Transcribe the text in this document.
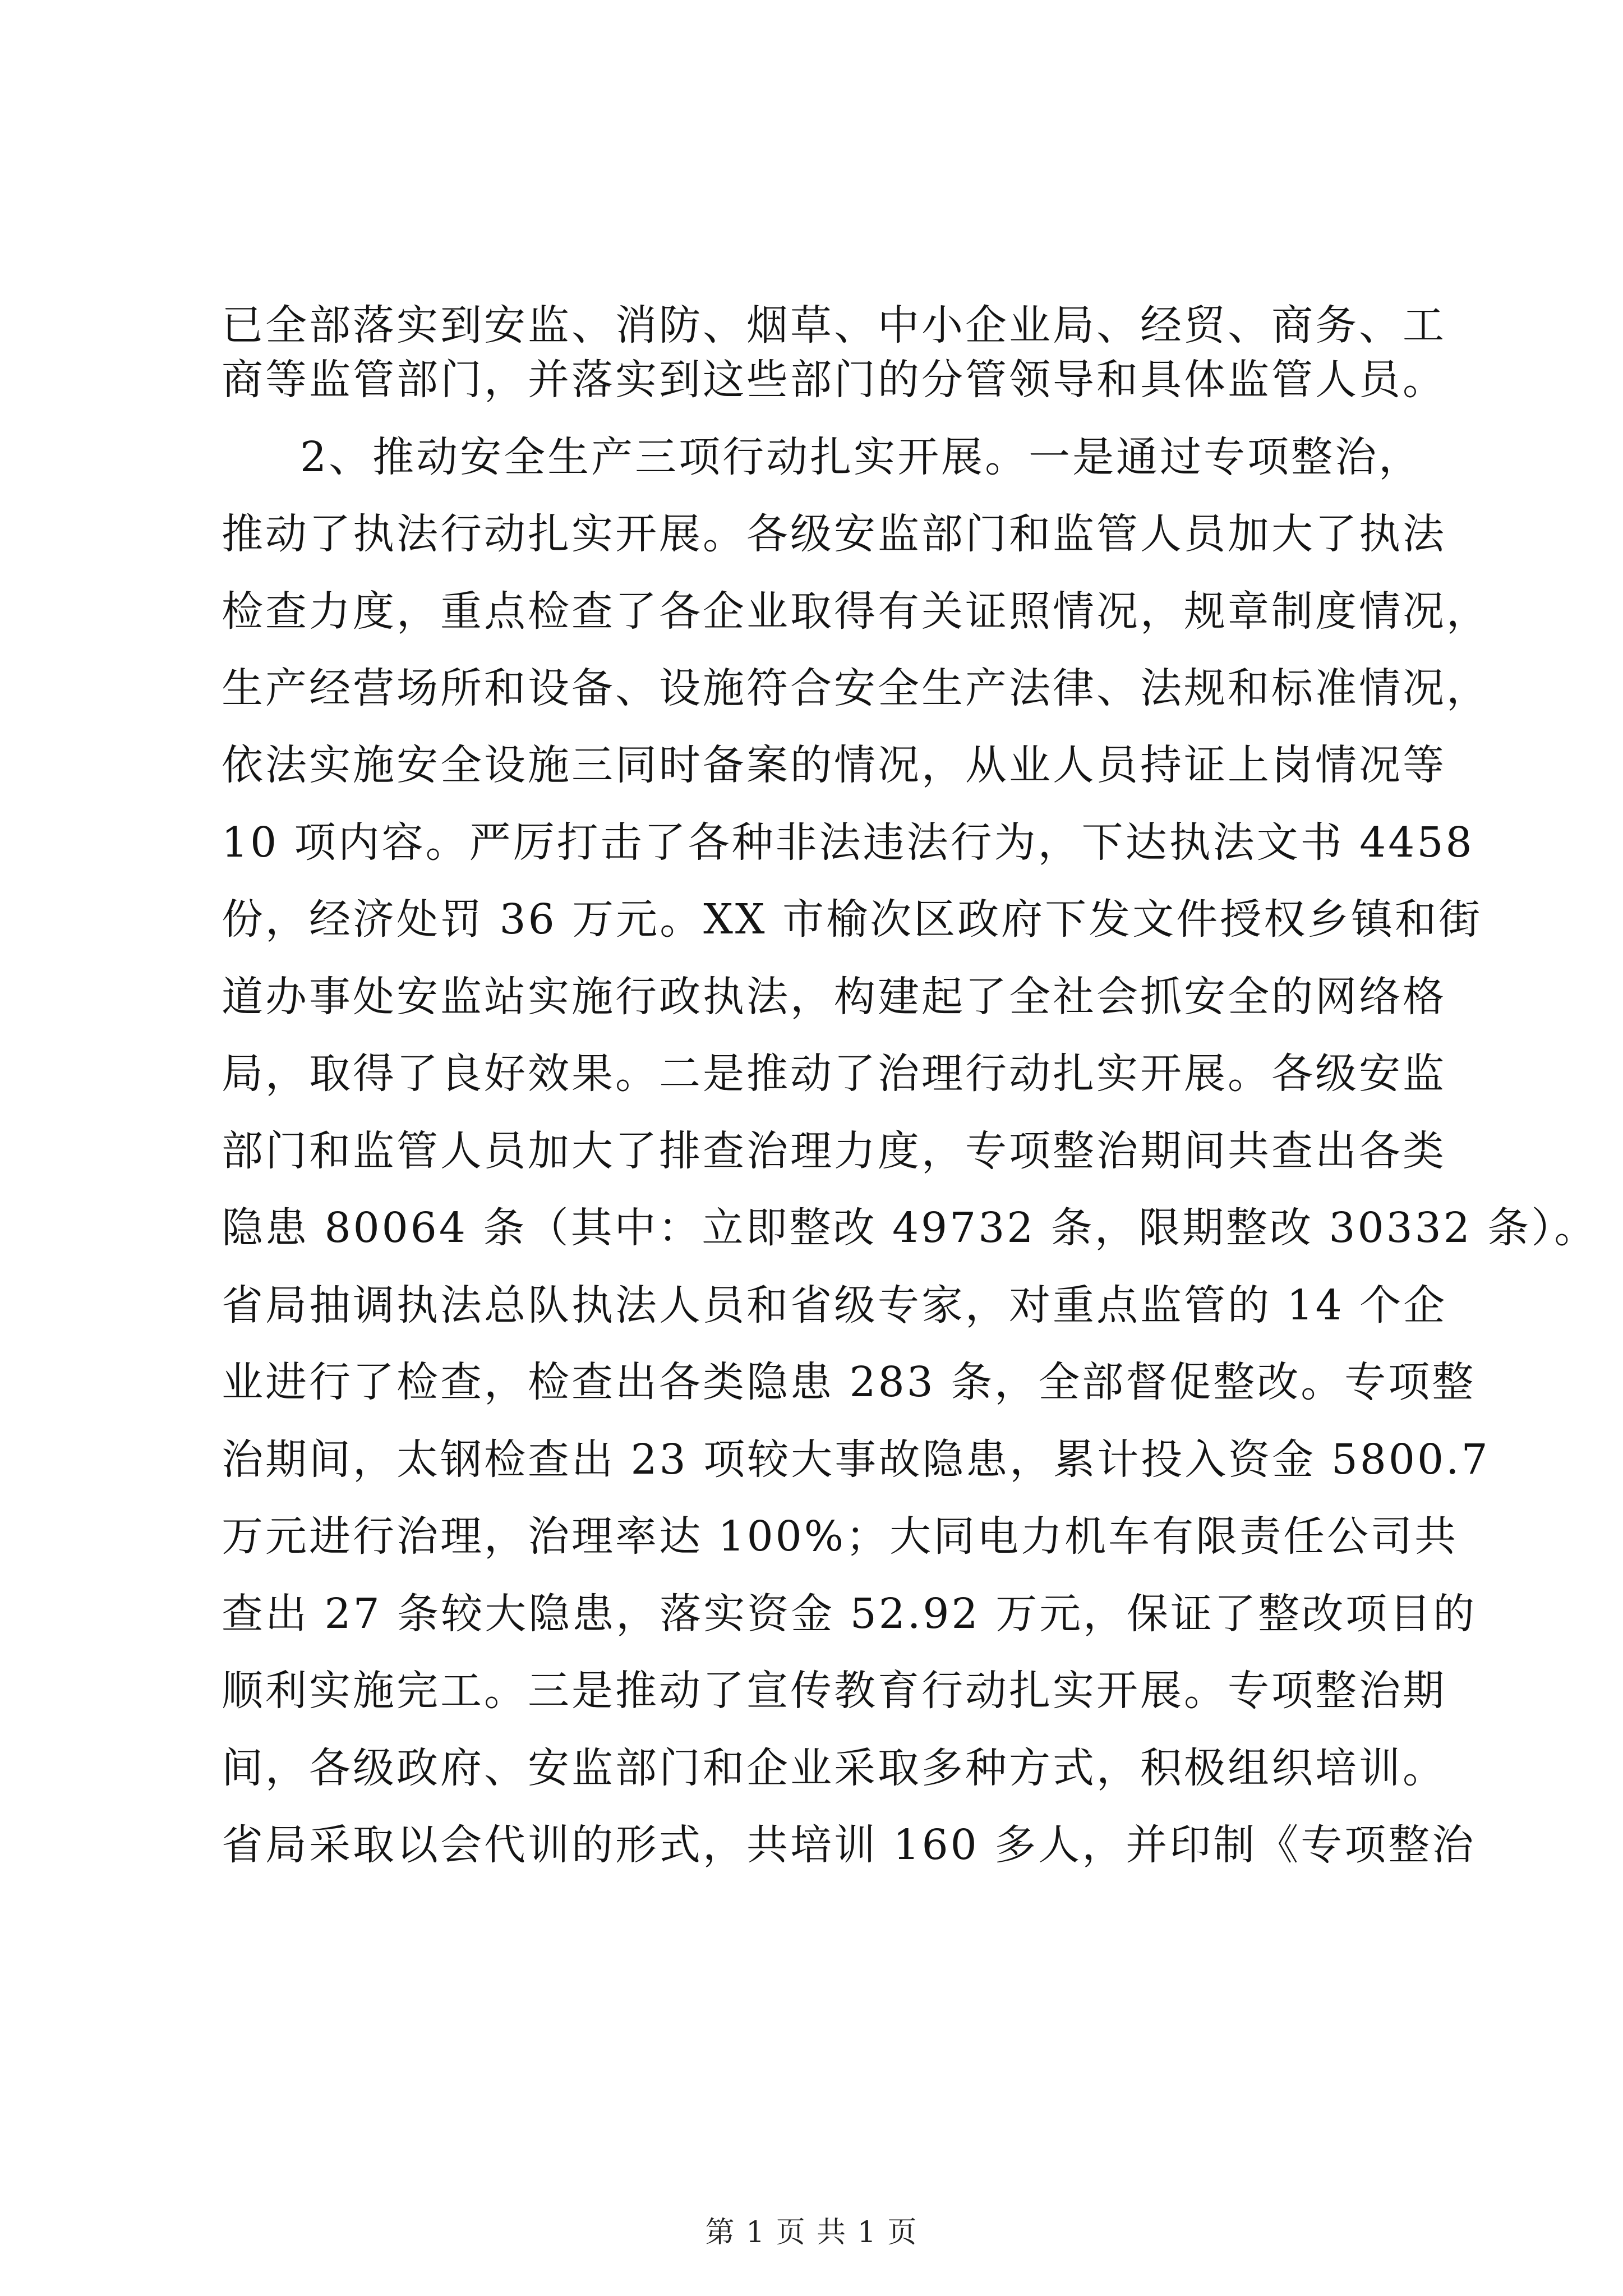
已全部落实到安监、消防、烟草、中小企业局、经贸、商务、工
商等监管部门，并落实到这些部门的分管领导和具体监管人员。
2、推动安全生产三项行动扎实开展。一是通过专项整治，
推动了执法行动扎实开展。各级安监部门和监管人员加大了执法
检查力度，重点检查了各企业取得有关证照情况，规章制度情况，
生产经营场所和设备、设施符合安全生产法律、法规和标准情况，
依法实施安全设施三同时备案的情况，从业人员持证上岗情况等
10 项内容。严厉打击了各种非法违法行为，下达执法文书 4458
份，经济处罚 36 万元。XX 市榆次区政府下发文件授权乡镇和街
道办事处安监站实施行政执法，构建起了全社会抓安全的网络格
局，取得了良好效果。二是推动了治理行动扎实开展。各级安监
部门和监管人员加大了排查治理力度，专项整治期间共查出各类
隐患 80064 条（其中：立即整改 49732 条，限期整改 30332 条）。
省局抽调执法总队执法人员和省级专家，对重点监管的 14 个企
业进行了检查，检查出各类隐患 283 条，全部督促整改。专项整
治期间，太钢检查出 23 项较大事故隐患，累计投入资金 5800.7
万元进行治理，治理率达 100%；大同电力机车有限责任公司共
查出 27 条较大隐患，落实资金 52.92 万元，保证了整改项目的
顺利实施完工。三是推动了宣传教育行动扎实开展。专项整治期
间，各级政府、安监部门和企业采取多种方式，积极组织培训。
省局采取以会代训的形式，共培训 160 多人，并印制《专项整治
第 1 页 共 1 页
